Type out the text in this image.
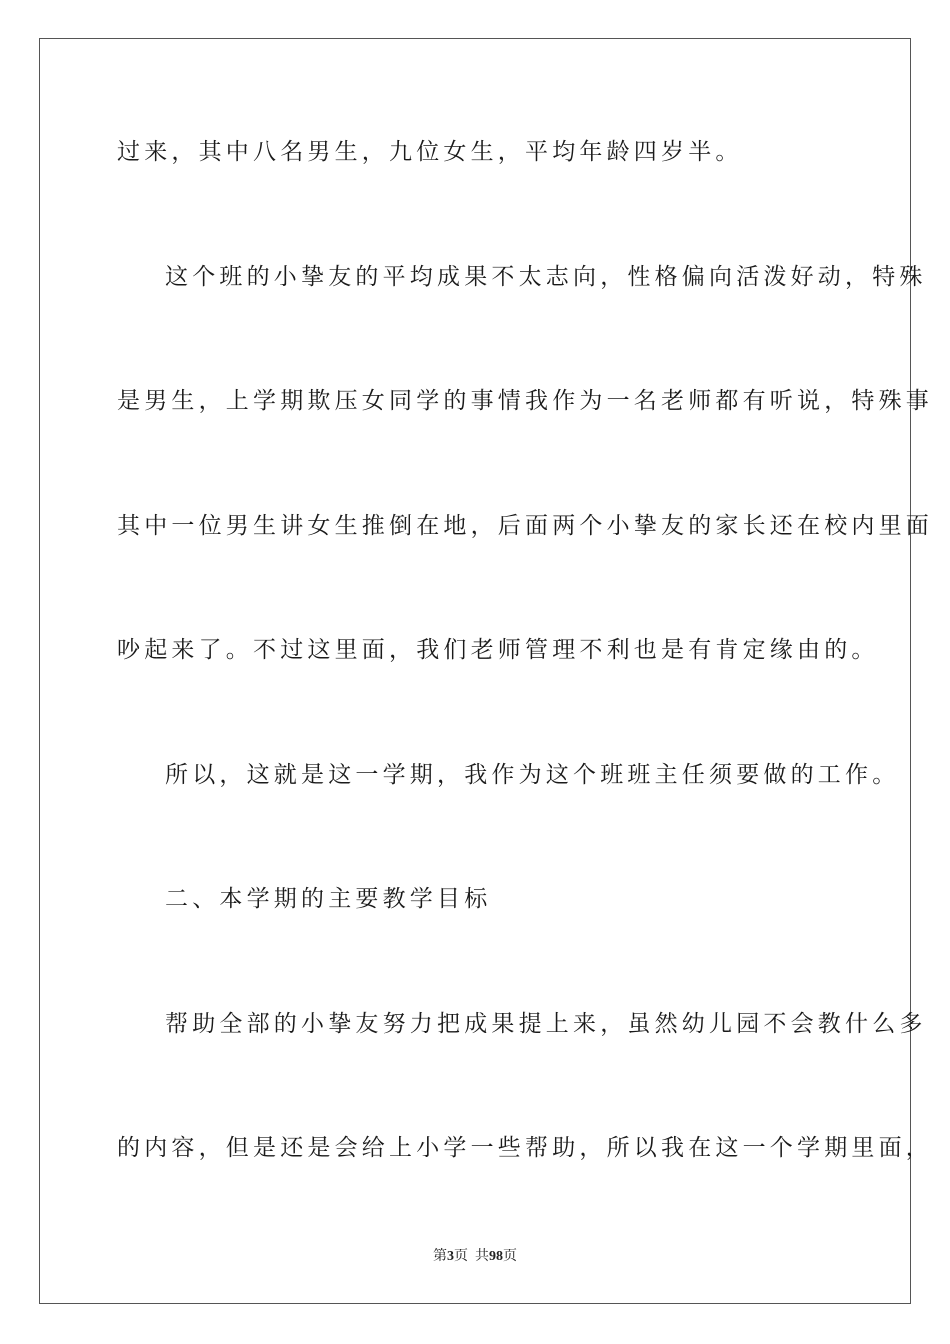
过来，其中八名男生，九位女生，平均年龄四岁半。
这个班的小挚友的平均成果不太志向，性格偏向活泼好动，特殊
是男生，上学期欺压女同学的事情我作为一名老师都有听说，特殊事
其中一位男生讲女生推倒在地，后面两个小挚友的家长还在校内里面
吵起来了。不过这里面，我们老师管理不利也是有肯定缘由的。
所以，这就是这一学期，我作为这个班班主任须要做的工作。
二、本学期的主要教学目标
帮助全部的小挚友努力把成果提上来，虽然幼儿园不会教什么多
的内容，但是还是会给上小学一些帮助，所以我在这一个学期里面，
第3页  共98页
